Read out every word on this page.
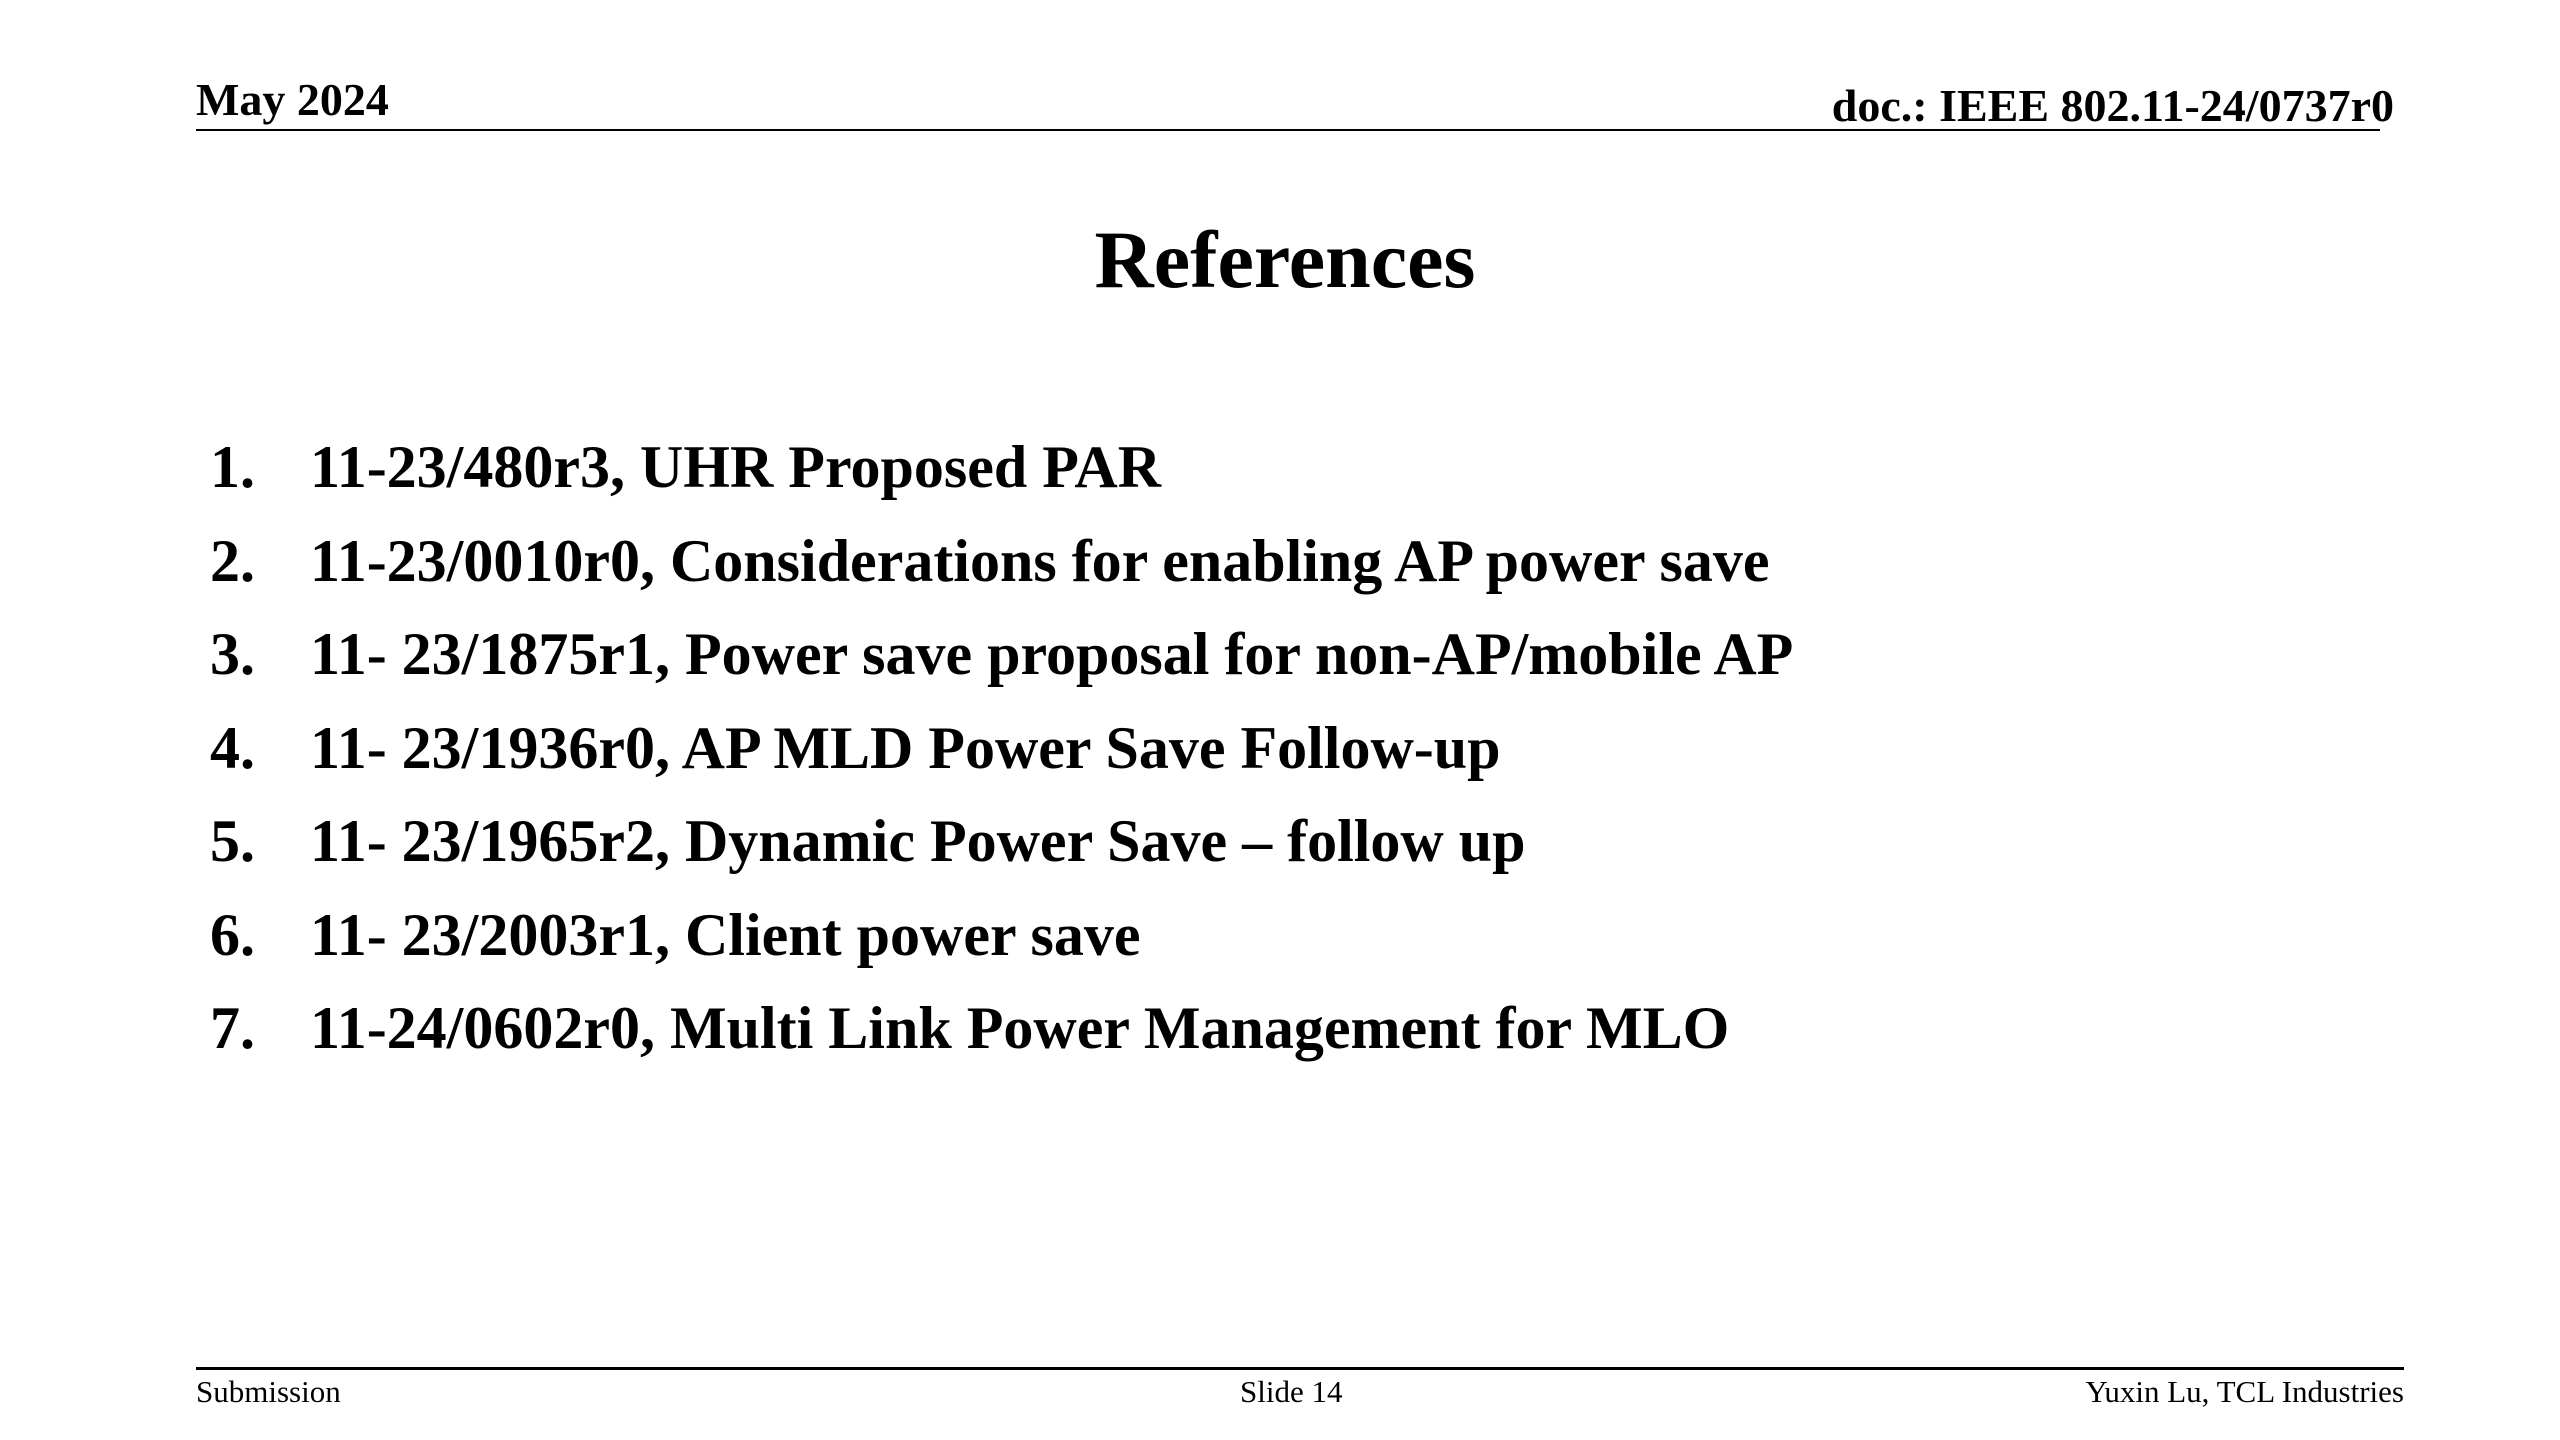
May 2024	doc.: IEEE 802.11-24/0737r0
References
1. 11-23/480r3, UHR Proposed PAR
2. 11-23/0010r0, Considerations for enabling AP power save
3. 11- 23/1875r1, Power save proposal for non-AP/mobile AP
4. 11- 23/1936r0, AP MLD Power Save Follow-up
5. 11- 23/1965r2, Dynamic Power Save – follow up
6. 11- 23/2003r1, Client power save
7. 11-24/0602r0, Multi Link Power Management for MLO
Submission	Slide 14	Yuxin Lu, TCL Industries
